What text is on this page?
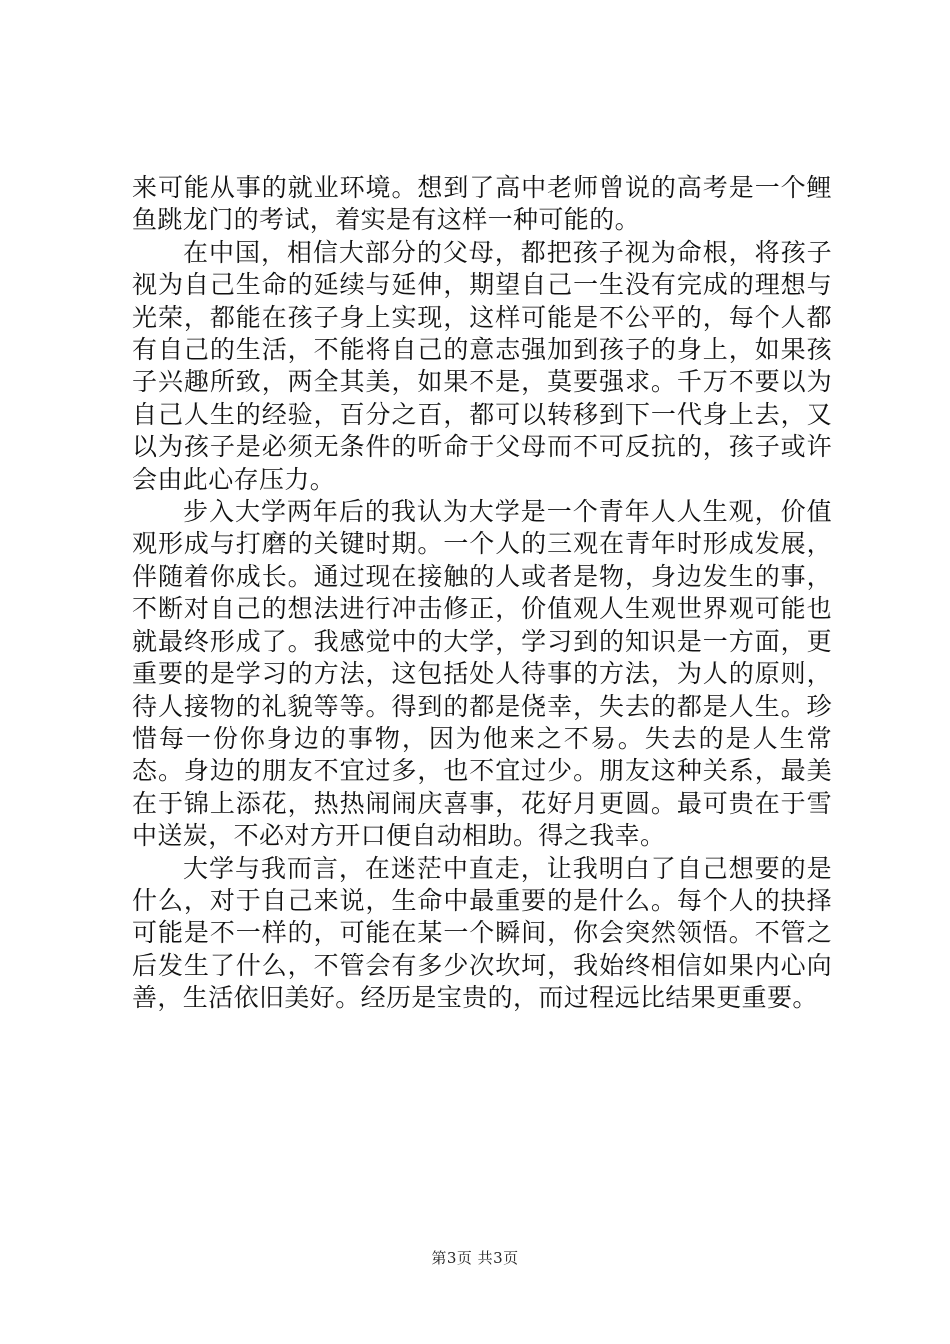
来可能从事的就业环境。想到了高中老师曾说的高考是一个鲤鱼跳龙门的考试，着实是有这样一种可能的。

在中国，相信大部分的父母，都把孩子视为命根，将孩子视为自己生命的延续与延伸，期望自己一生没有完成的理想与光荣，都能在孩子身上实现，这样可能是不公平的，每个人都有自己的生活，不能将自己的意志强加到孩子的身上，如果孩子兴趣所致，两全其美，如果不是，莫要强求。千万不要以为自己人生的经验，百分之百，都可以转移到下一代身上去，又以为孩子是必须无条件的听命于父母而不可反抗的，孩子或许会由此心存压力。

步入大学两年后的我认为大学是一个青年人人生观，价值观形成与打磨的关键时期。一个人的三观在青年时形成发展，伴随着你成长。通过现在接触的人或者是物，身边发生的事，不断对自己的想法进行冲击修正，价值观人生观世界观可能也就最终形成了。我感觉中的大学，学习到的知识是一方面，更重要的是学习的方法，这包括处人待事的方法，为人的原则，待人接物的礼貌等等。得到的都是侥幸，失去的都是人生。珍惜每一份你身边的事物，因为他来之不易。失去的是人生常态。身边的朋友不宜过多，也不宜过少。朋友这种关系，最美在于锦上添花，热热闹闹庆喜事，花好月更圆。最可贵在于雪中送炭，不必对方开口便自动相助。得之我幸。

大学与我而言，在迷茫中直走，让我明白了自己想要的是什么，对于自己来说，生命中最重要的是什么。每个人的抉择可能是不一样的，可能在某一个瞬间，你会突然领悟。不管之后发生了什么，不管会有多少次坎坷，我始终相信如果内心向善，生活依旧美好。经历是宝贵的，而过程远比结果更重要。

第3页 共3页
